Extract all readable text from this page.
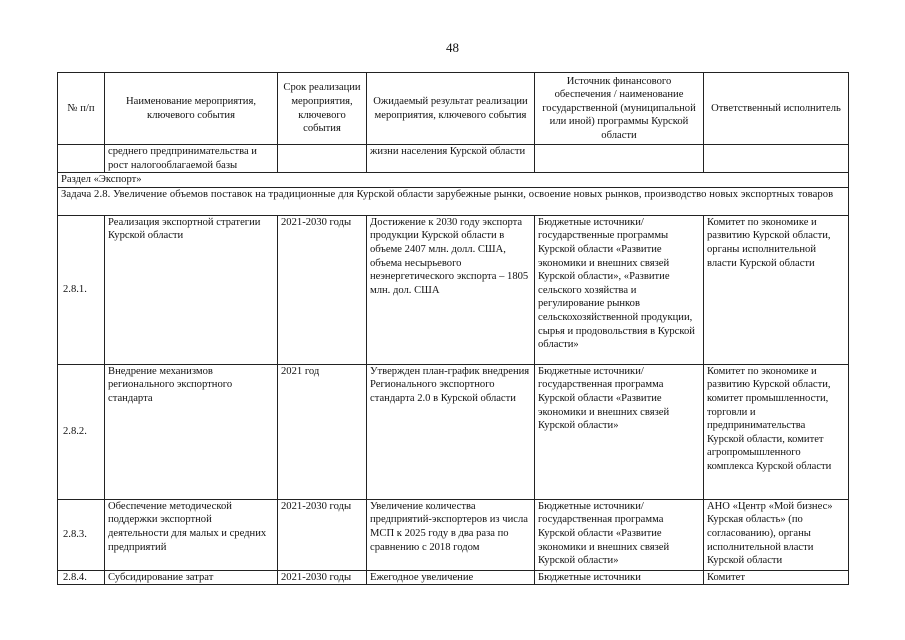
48
№ п/п	Наименование мероприятия, ключевого события	Срок реализации мероприятия, ключевого события	Ожидаемый результат реализации мероприятия, ключевого события	Источник финансового обеспечения / наименование государственной (муниципальной или иной) программы Курской области	Ответственный исполнитель
	среднего предпринимательства и рост налогооблагаемой базы		жизни населения Курской области		
Раздел «Экспорт»					
Задача 2.8. Увеличение объемов поставок на традиционные для Курской области зарубежные рынки, освоение новых рынков, производство новых экспортных товаров					
2.8.1.	Реализация экспортной стратегии Курской области	2021-2030 годы	Достижение к 2030 году экспорта продукции Курской области в объеме 2407 млн. долл. США, объема несырьевого неэнергетического экспорта – 1805 млн. дол. США	Бюджетные источники/ государственные программы Курской области «Развитие экономики и внешних связей Курской области», «Развитие сельского хозяйства и регулирование рынков сельскохозяйственной продукции, сырья и продовольствия в Курской области»	Комитет по экономике и развитию Курской области, органы исполнительной власти Курской области
2.8.2.	Внедрение механизмов регионального экспортного стандарта	2021 год	Утвержден план-график внедрения Регионального экспортного стандарта 2.0 в Курской области	Бюджетные источники/ государственная программа Курской области «Развитие экономики и внешних связей Курской области»	Комитет по экономике и развитию Курской области, комитет промышленности, торговли и предпринимательства Курской области, комитет агропромышленного комплекса Курской области
2.8.3.	Обеспечение методической поддержки экспортной деятельности для малых и средних предприятий	2021-2030 годы	Увеличение количества предприятий-экспортеров из числа МСП к 2025 году в два раза по сравнению с 2018 годом	Бюджетные источники/ государственная программа Курской области «Развитие экономики и внешних связей Курской области»	АНО «Центр «Мой бизнес» Курская область» (по согласованию), органы исполнительной власти Курской области
2.8.4.	Субсидирование затрат	2021-2030 годы	Ежегодное увеличение	Бюджетные источники	Комитет
